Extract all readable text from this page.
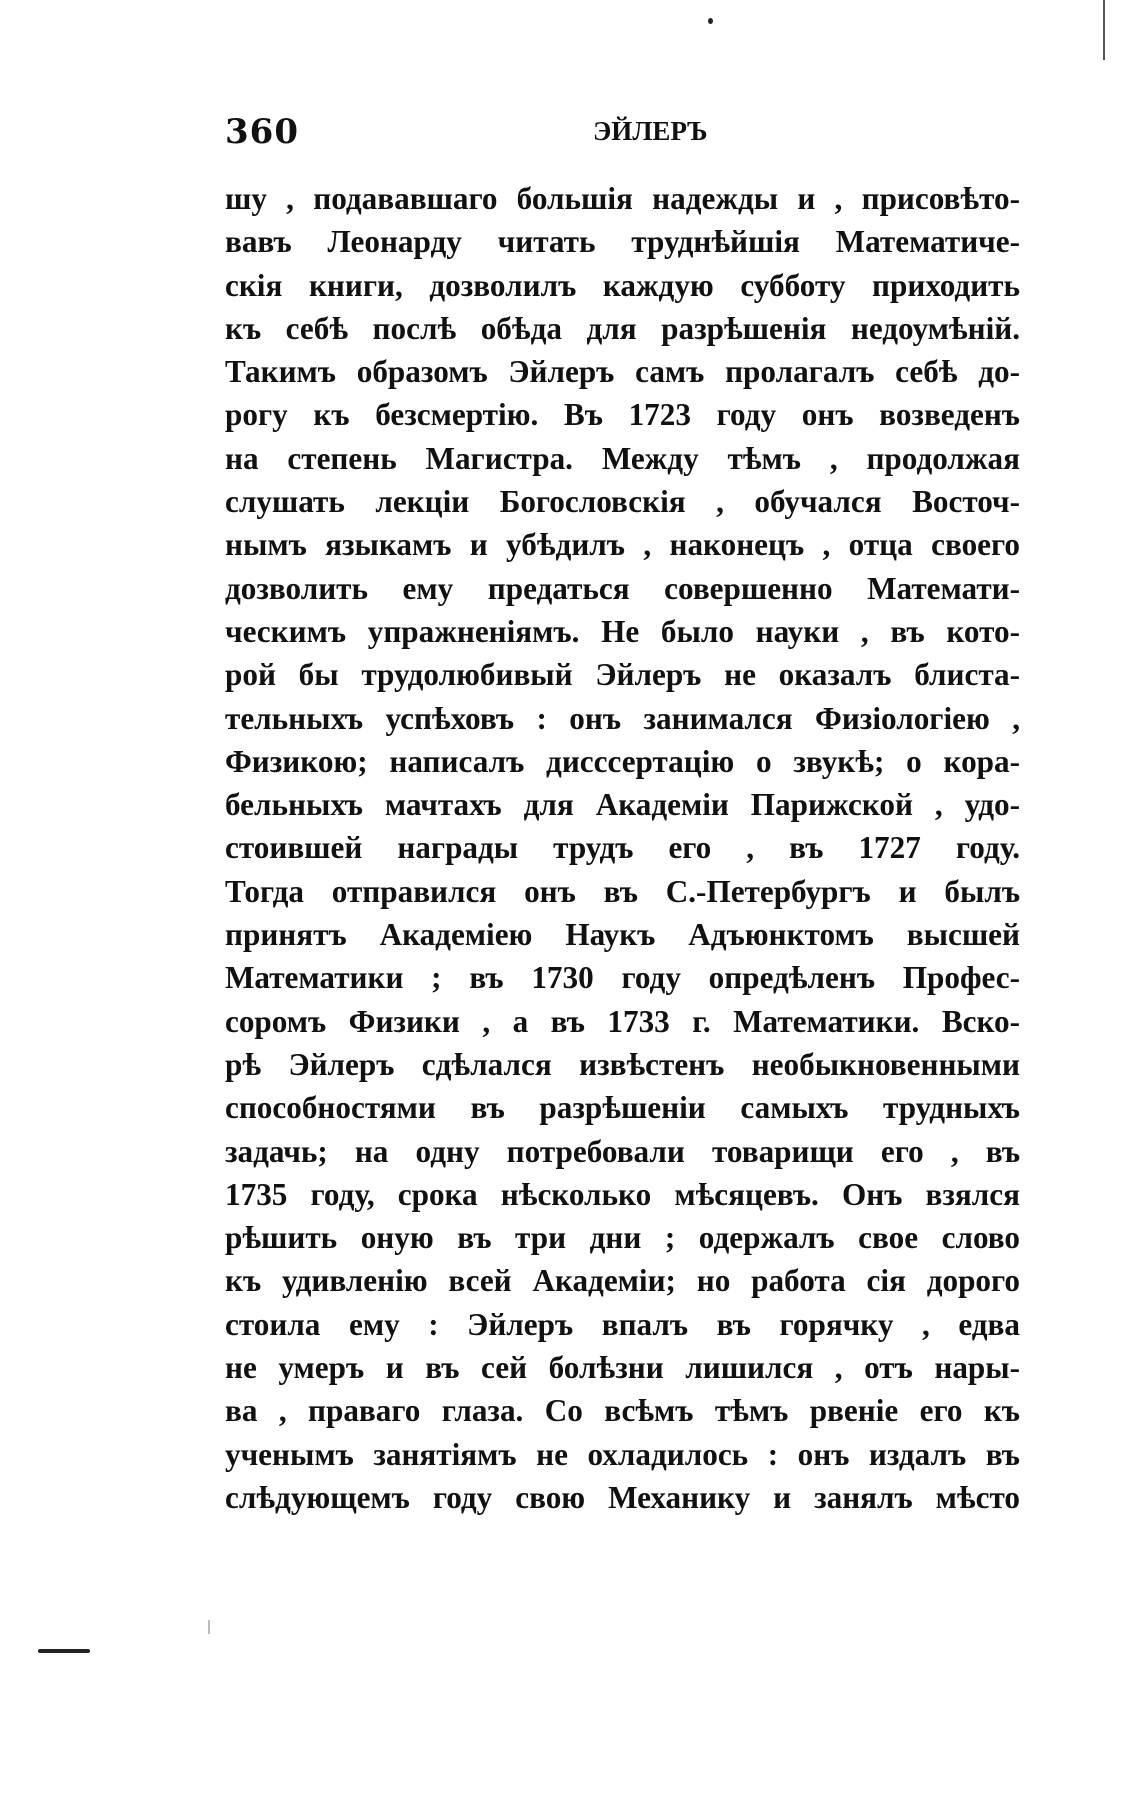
360	ЭЙЛЕРЪ
шу , подававшаго большія надежды и , присовѣто-
вавъ Леонарду читать труднѣйшія Математиче-
скія книги, дозволилъ каждую субботу приходить
къ себѣ послѣ обѣда для разрѣшенія недоумѣній.
Такимъ образомъ Эйлеръ самъ пролагалъ себѣ до-
рогу къ безсмертію. Въ 1723 году онъ возведенъ
на степень Магистра. Между тѣмъ , продолжая
слушать лекціи Богословскія , обучался Восточ-
нымъ языкамъ и убѣдилъ , наконецъ , отца своего
дозволить ему предаться совершенно Математи-
ческимъ упражненіямъ. Не было науки , въ кото-
рой бы трудолюбивый Эйлеръ не оказалъ блиста-
тельныхъ успѣховъ : онъ занимался Физіологіею ,
Физикою; написалъ дисссертацію о звукѣ; о кора-
бельныхъ мачтахъ для Академіи Парижской , удо-
стоившей награды трудъ его , въ 1727 году.
Тогда отправился онъ въ С.-Петербургъ и былъ
принятъ Академіею Наукъ Адъюнктомъ высшей
Математики ; въ 1730 году опредѣленъ Профес-
соромъ Физики , а въ 1733 г. Математики. Вско-
рѣ Эйлеръ сдѣлался извѣстенъ необыкновенными
способностями въ разрѣшеніи самыхъ трудныхъ
задачь; на одну потребовали товарищи его , въ
1735 году, срока нѣсколько мѣсяцевъ. Онъ взялся
рѣшить оную въ три дни ; одержалъ свое слово
къ удивленію всей Академіи; но работа сія дорого
стоила ему : Эйлеръ впалъ въ горячку , едва
не умеръ и въ сей болѣзни лишился , отъ нары-
ва , праваго глаза. Со всѣмъ тѣмъ рвеніе его къ
ученымъ занятіямъ не охладилось : онъ издалъ въ
слѣдующемъ году свою Механику и занялъ мѣсто
